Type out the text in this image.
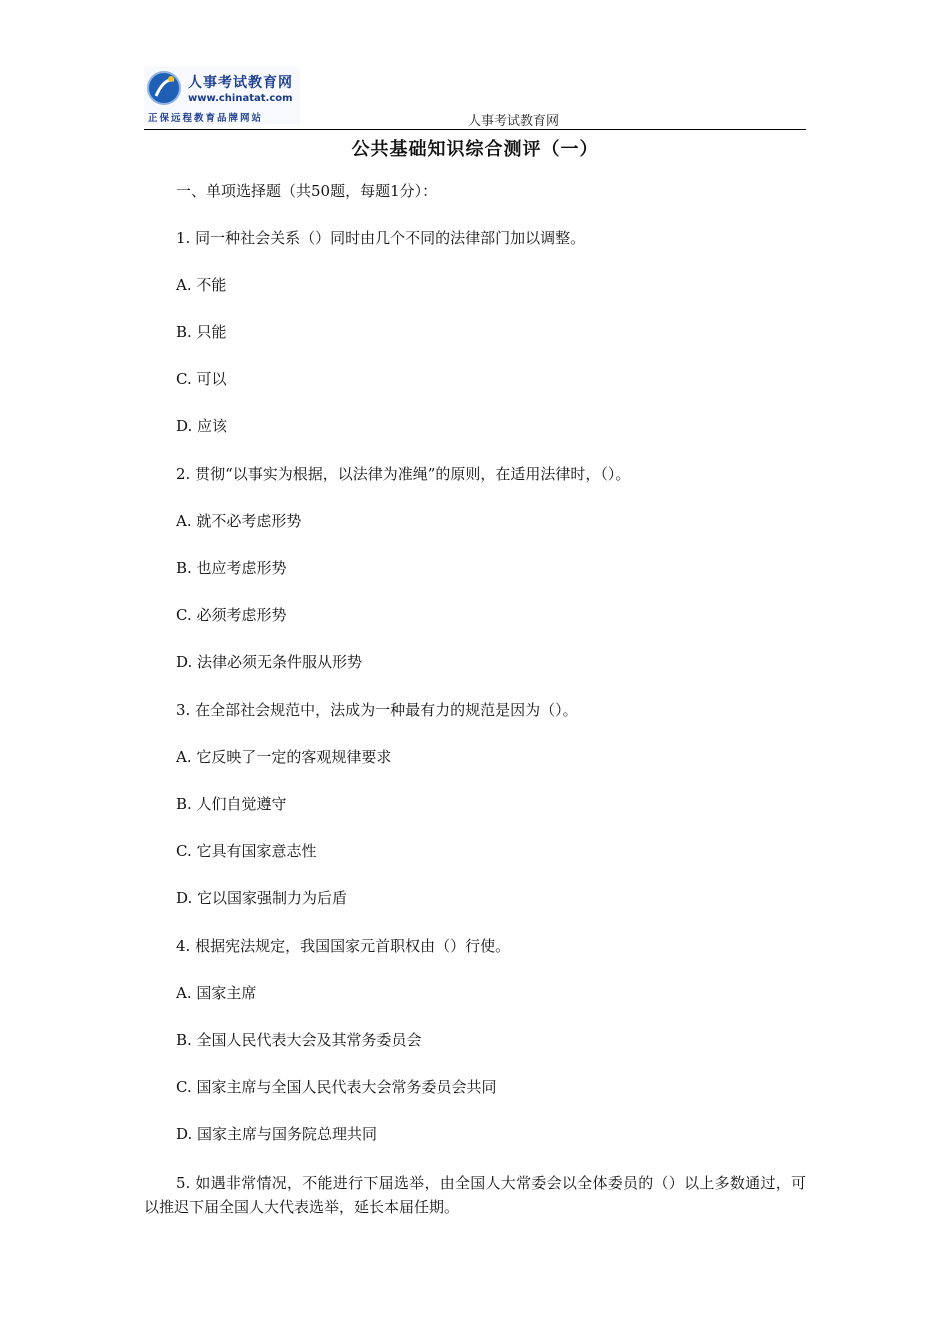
人事考试教育网
www.chinatat.com
正保远程教育品牌网站	人事考试教育网
公共基础知识综合测评（一）
一、单项选择题（共50题，每题1分）：
1. 同一种社会关系（）同时由几个不同的法律部门加以调整。
A. 不能
B. 只能
C. 可以
D. 应该
2. 贯彻“以事实为根据，以法律为准绳”的原则，在适用法律时，（）。
A. 就不必考虑形势
B. 也应考虑形势
C. 必须考虑形势
D. 法律必须无条件服从形势
3. 在全部社会规范中，法成为一种最有力的规范是因为（）。
A. 它反映了一定的客观规律要求
B. 人们自觉遵守
C. 它具有国家意志性
D. 它以国家强制力为后盾
4. 根据宪法规定，我国国家元首职权由（）行使。
A. 国家主席
B. 全国人民代表大会及其常务委员会
C. 国家主席与全国人民代表大会常务委员会共同
D. 国家主席与国务院总理共同
5. 如遇非常情况，不能进行下届选举，由全国人大常委会以全体委员的（）以上多数通过，可以推迟下届全国人大代表选举，延长本届任期。
